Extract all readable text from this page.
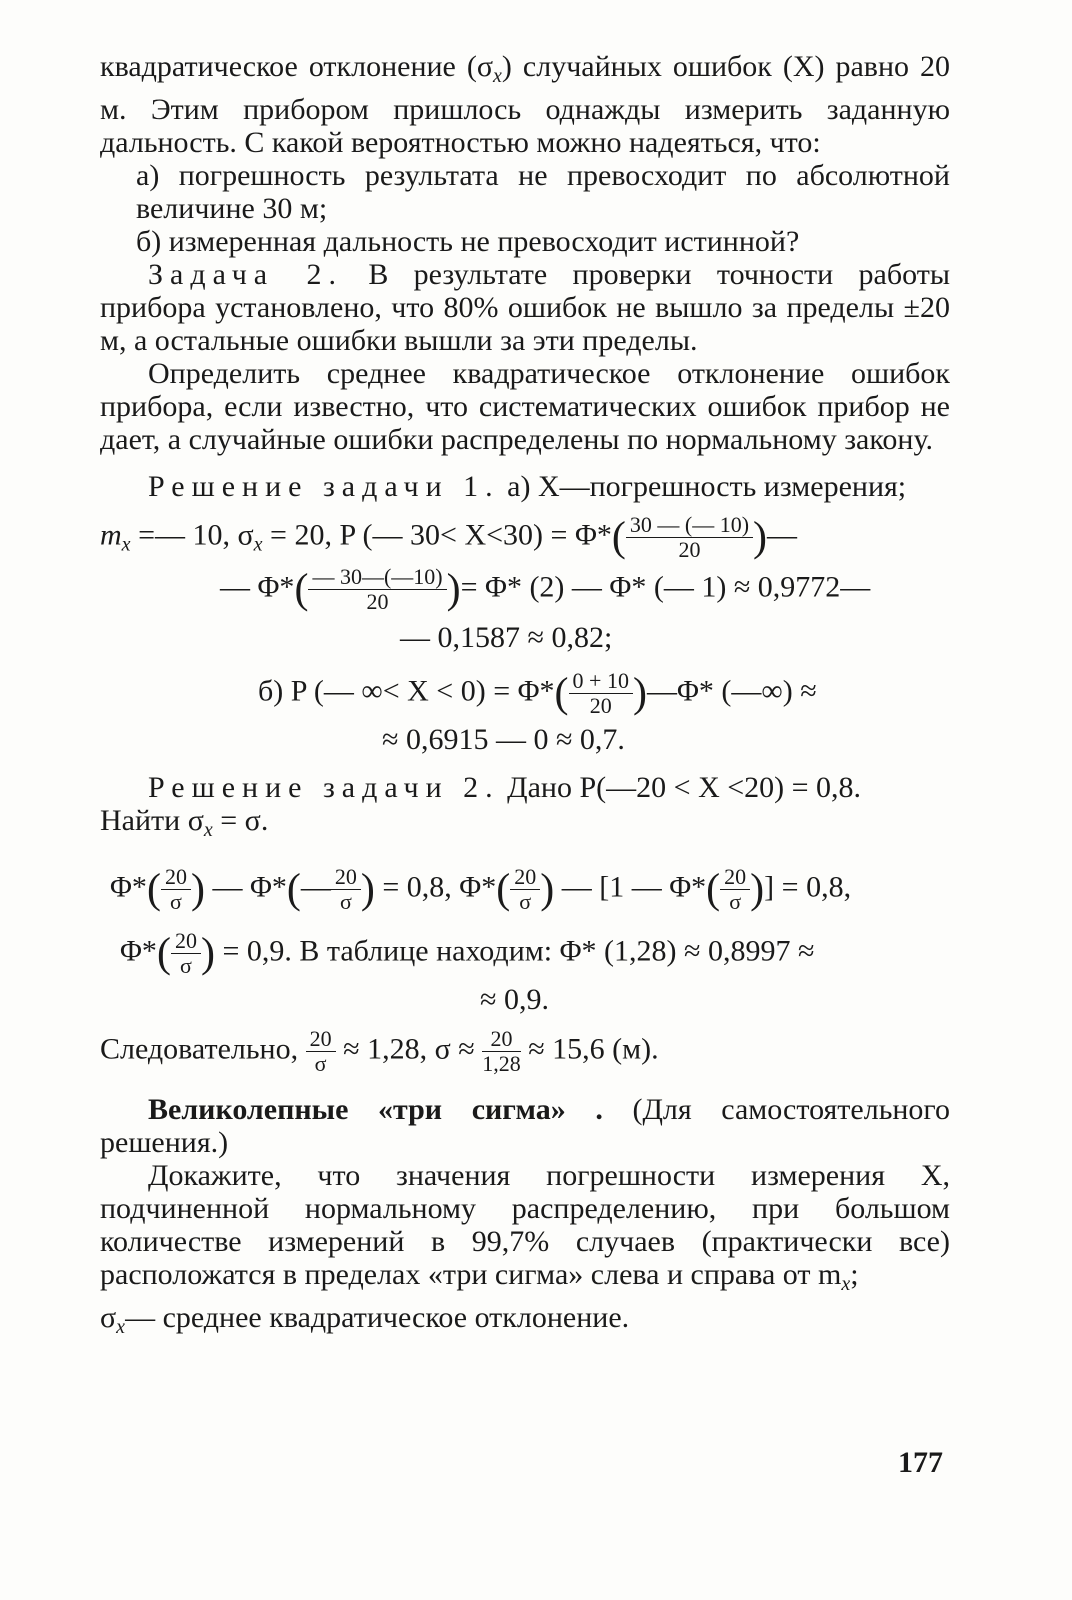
квадратическое отклонение $(\sigma_x)$ случайных ошибок (X) равно 20 м. Этим прибором пришлось однажды измерить заданную дальность. С какой вероятностью можно надеяться, что:

а) погрешность результата не превосходит по абсолютной величине 30 м;

б) измеренная дальность не превосходит истинной?

Задача 2. В результате проверки точности работы прибора установлено, что 80% ошибок не вышло за пределы ±20 м, а остальные ошибки вышли за эти пределы.

Определить среднее квадратическое отклонение ошибок прибора, если известно, что систематических ошибок прибор не дает, а случайные ошибки распределены по нормальному закону.

Решение задачи 1. а) X—погрешность измерения;

$m_x$ =— 10, $\sigma_x = 20$, P (— $30< X<30) = \Phi*( \frac{30 — (— 10)}{20}$ )—
— $\Phi*( \frac{— 30—(—10)}{20}$ )= Φ* (2) — Φ* (— 1) ≈ 0,9772—
— 0,1587 ≈ 0,82;
б) P (— ∞< $X < 0) = \Phi*( \frac{0 + 10}{20}$ )—Φ* (—∞) ≈
≈ 0,6915 — 0 ≈ 0,7.

Решение задачи 2. Дано P(—20 < X <20) = 0,8.

Найти $\sigma_x = \sigma$.

$\Phi*( \frac{20}{\sigma}$ ) — Φ*(— $\frac{20}{\sigma}$ ) = 0,8, $\Phi*( \frac{20}{\sigma}$ ) — [1 — $\Phi*( \frac{20}{\sigma}$ )] = 0,8,
$\Phi*( \frac{20}{\sigma}$ ) = 0,9. В таблице находим: Φ* (1,28) ≈ 0,8997 ≈
≈ 0,9.
Следовательно, $\frac{20}{\sigma} \approx 1,28$, $\sigma \approx \frac{20}{1,28} \approx 15,6$ (м).

Великолепные «три сигма» . (Для самостоятельного решения.)

Докажите, что значения погрешности измерения X, подчиненной нормальному распределению, при большом количестве измерений в 99,7% случаев (практически все) расположатся в пределах «три сигма» слева и справа от $m_x$;

$\sigma_x—$ среднее квадратическое отклонение.

177
